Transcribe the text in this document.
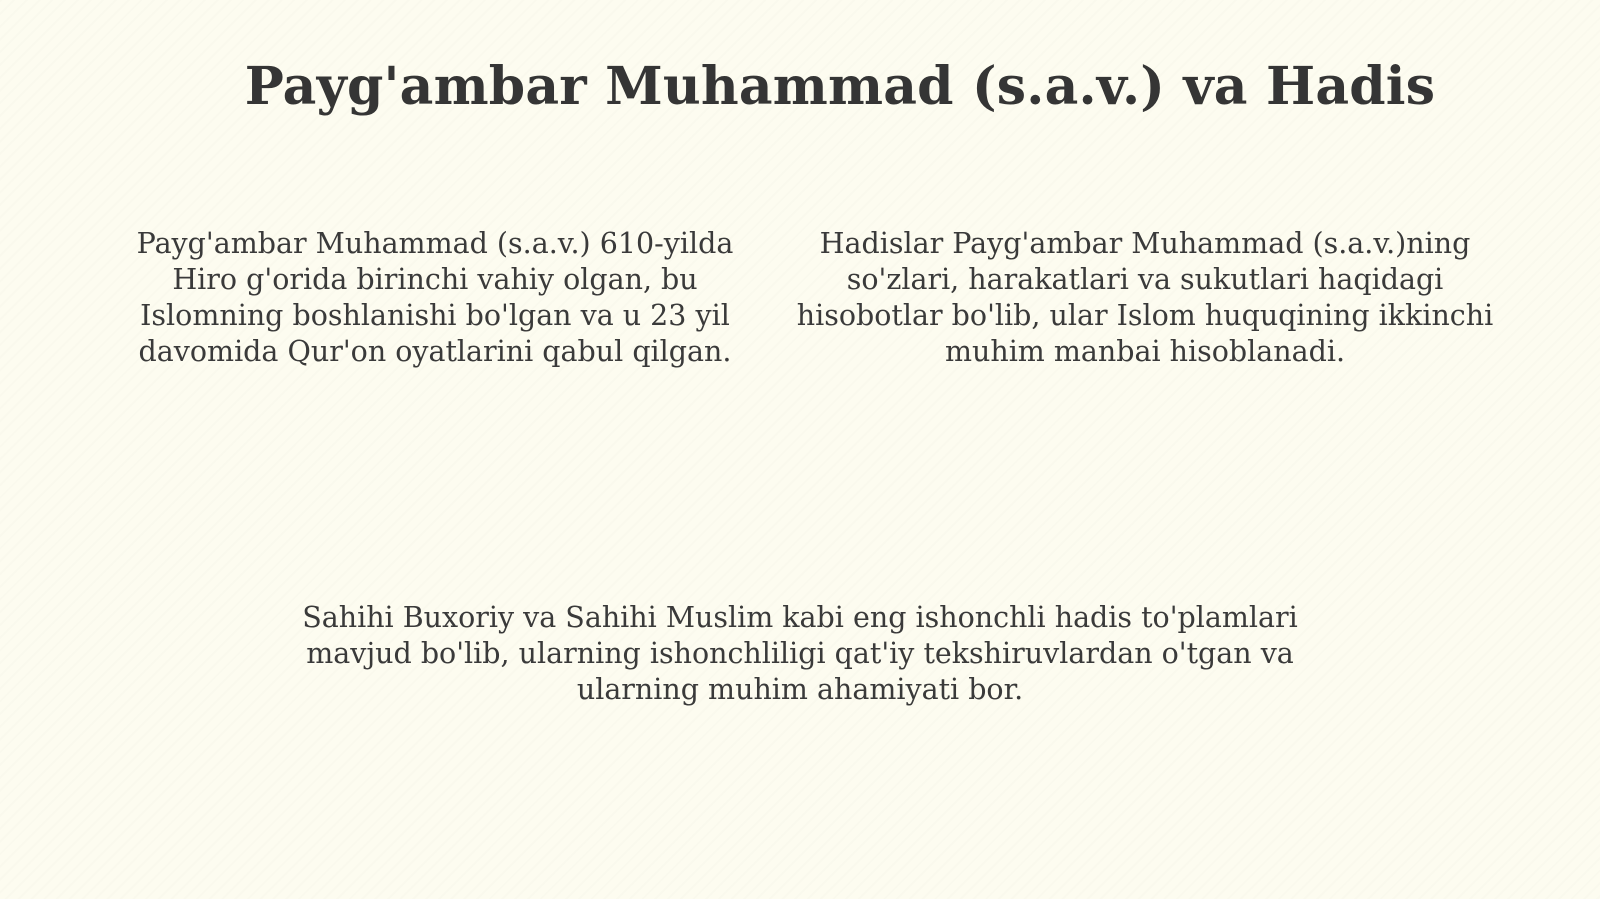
Payg'ambar Muhammad (s.a.v.) va Hadis

Payg'ambar Muhammad (s.a.v.) 610-yilda Hiro g'orida birinchi vahiy olgan, bu Islomning boshlanishi bo'lgan va u 23 yil davomida Qur'on oyatlarini qabul qilgan.

Hadislar Payg'ambar Muhammad (s.a.v.)ning so'zlari, harakatlari va sukutlari haqidagi hisobotlar bo'lib, ular Islom huquqining ikkinchi muhim manbai hisoblanadi.

Sahihi Buxoriy va Sahihi Muslim kabi eng ishonchli hadis to'plamlari mavjud bo'lib, ularning ishonchliligi qat'iy tekshiruvlardan o'tgan va ularning muhim ahamiyati bor.
